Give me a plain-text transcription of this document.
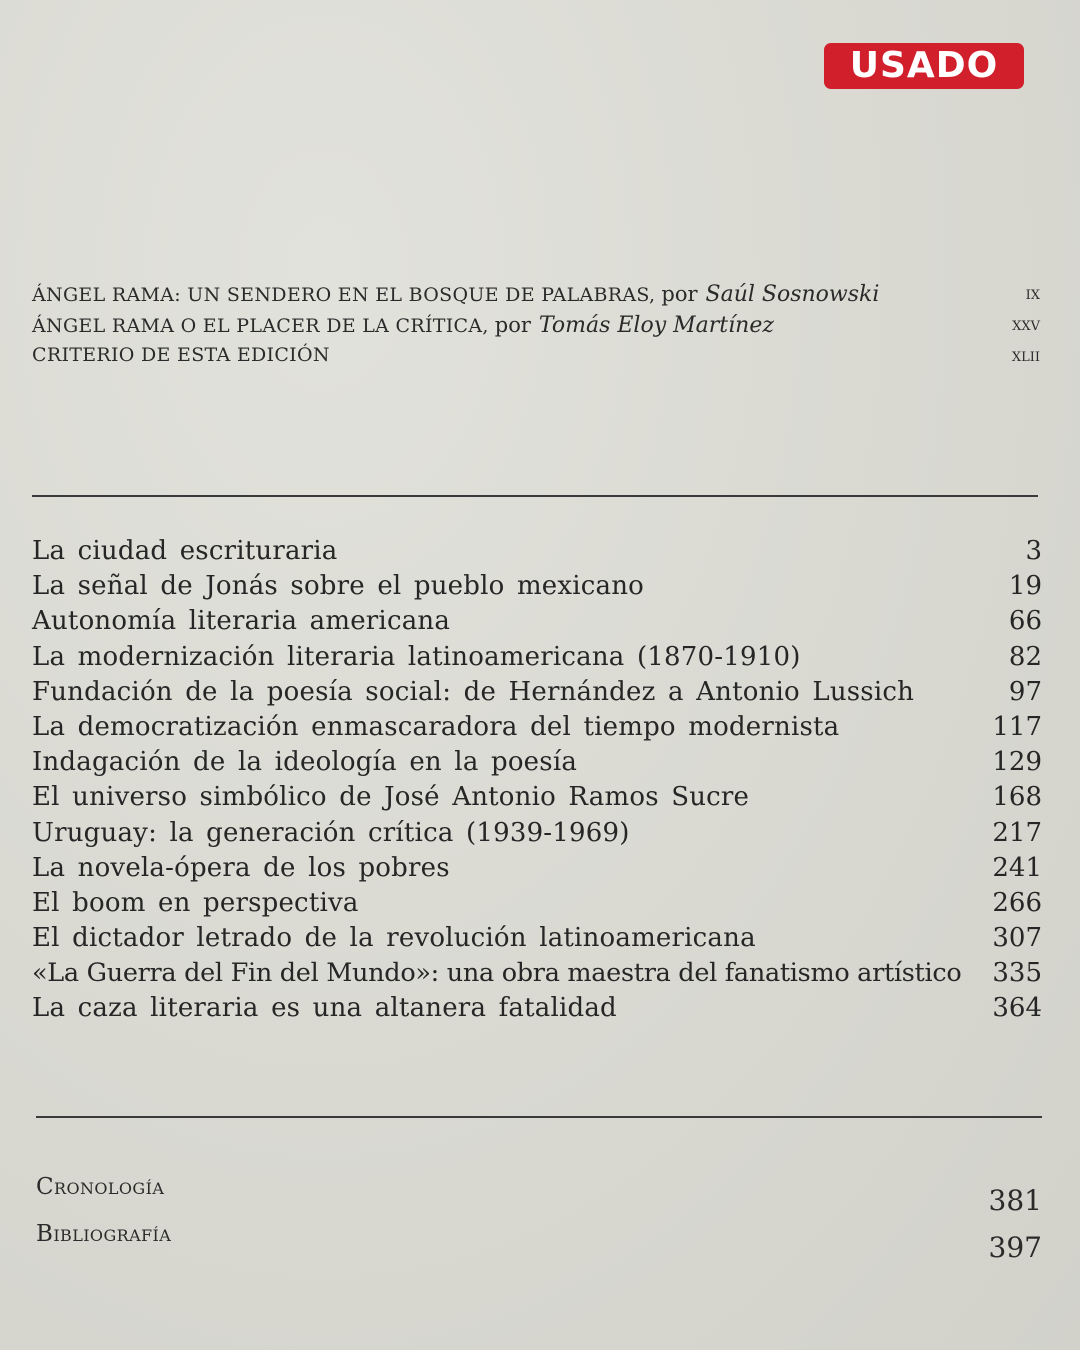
USADO
ÁNGEL RAMA: UN SENDERO EN EL BOSQUE DE PALABRAS, por Saúl Sosnowski	ix
ÁNGEL RAMA O EL PLACER DE LA CRÍTICA, por Tomás Eloy Martínez	xxv
CRITERIO DE ESTA EDICIÓN	xlii
La ciudad escrituraria	3
La señal de Jonás sobre el pueblo mexicano	19
Autonomía literaria americana	66
La modernización literaria latinoamericana (1870-1910)	82
Fundación de la poesía social: de Hernández a Antonio Lussich	97
La democratización enmascaradora del tiempo modernista	117
Indagación de la ideología en la poesía	129
El universo simbólico de José Antonio Ramos Sucre	168
Uruguay: la generación crítica (1939-1969)	217
La novela-ópera de los pobres	241
El boom en perspectiva	266
El dictador letrado de la revolución latinoamericana	307
«La Guerra del Fin del Mundo»: una obra maestra del fanatismo artístico 335
La caza literaria es una altanera fatalidad	364
Cronología	381
Bibliografía	397
